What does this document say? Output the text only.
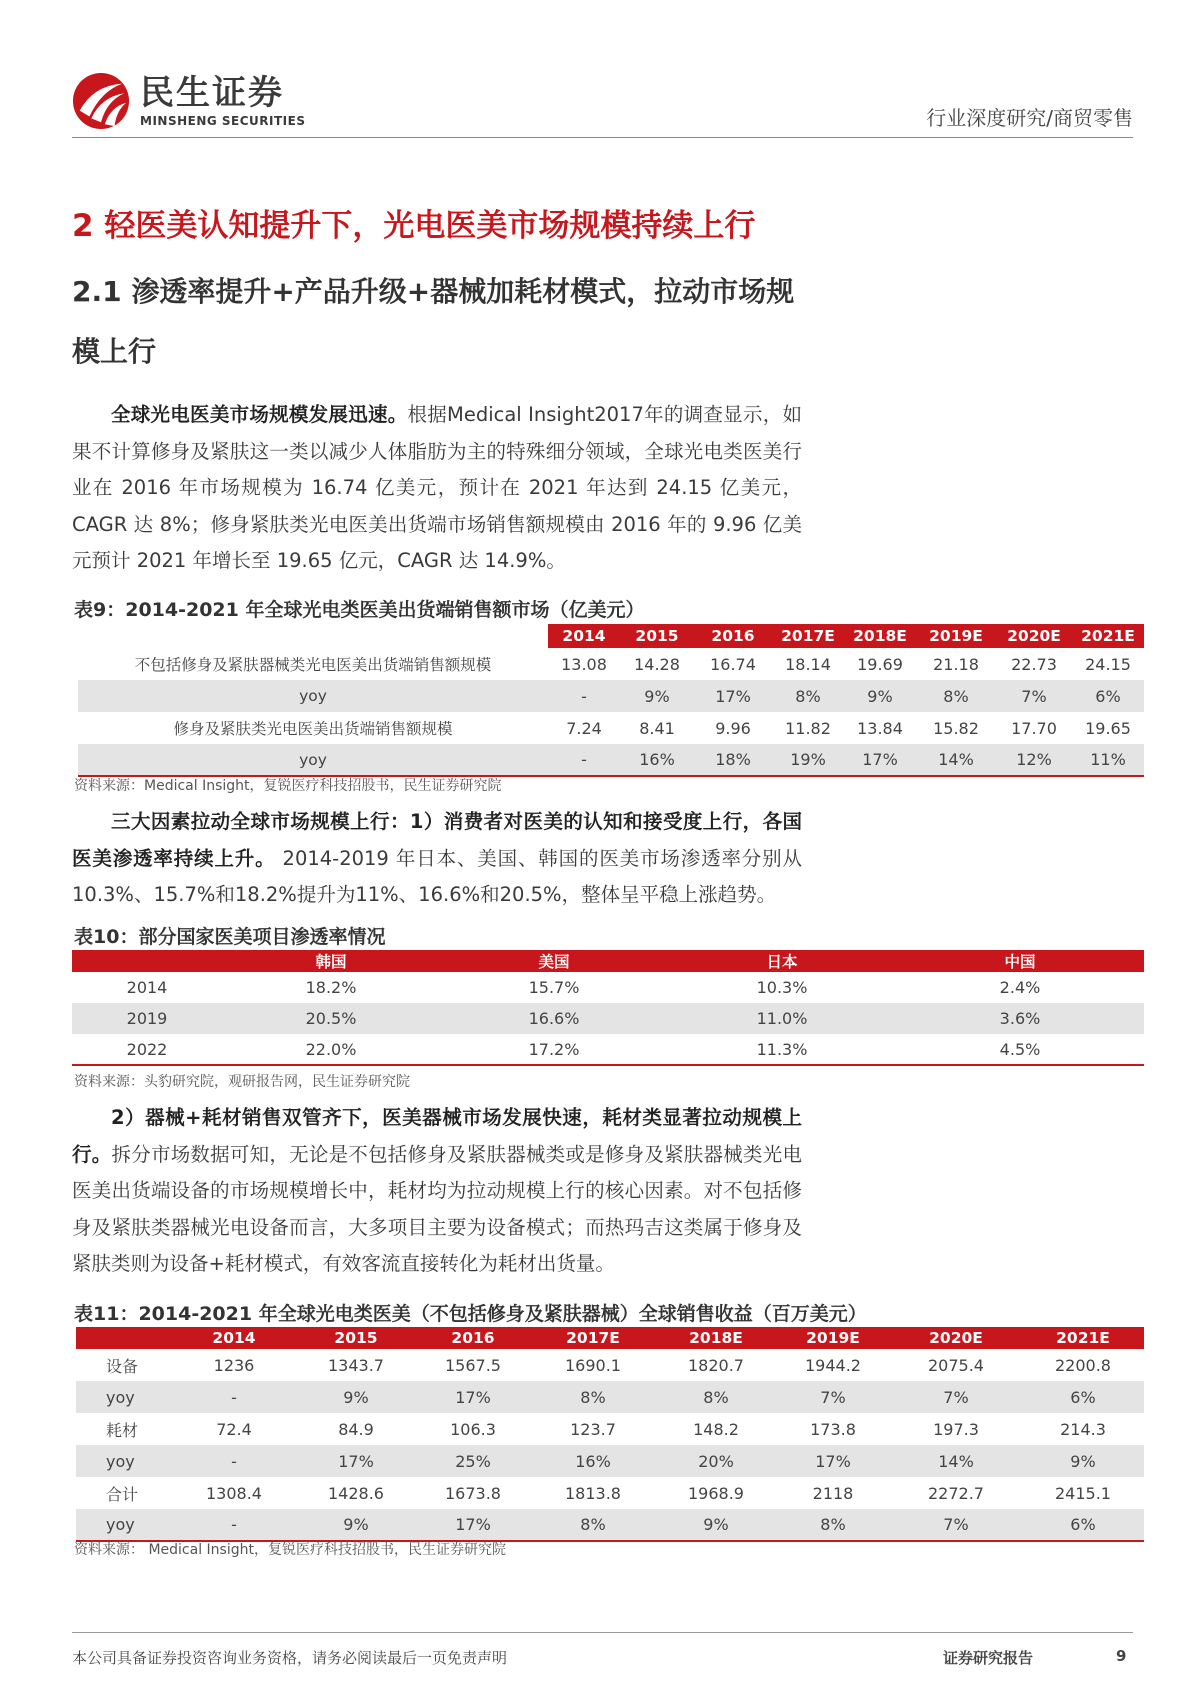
民生证券
MINSHENG SECURITIES	行业深度研究/商贸零售
2 轻医美认知提升下，光电医美市场规模持续上行
2.1 渗透率提升+产品升级+器械加耗材模式，拉动市场规模上行

全球光电医美市场规模发展迅速。根据Medical Insight2017年的调查显示，如果不计算修身及紧肤这一类以减少人体脂肪为主的特殊细分领域，全球光电类医美行业在 2016 年市场规模为 16.74 亿美元，预计在 2021 年达到 24.15 亿美元，CAGR 达 8%；修身紧肤类光电医美出货端市场销售额规模由 2016 年的 9.96 亿美元预计 2021 年增长至 19.65 亿元，CAGR 达 14.9%。

表9：2014-2021 年全球光电类医美出货端销售额市场（亿美元）
	2014	2015	2016	2017E	2018E	2019E	2020E	2021E
不包括修身及紧肤器械类光电医美出货端销售额规模	13.08	14.28	16.74	18.14	19.69	21.18	22.73	24.15
yoy	-	9%	17%	8%	9%	8%	7%	6%
修身及紧肤类光电医美出货端销售额规模	7.24	8.41	9.96	11.82	13.84	15.82	17.70	19.65
yoy	-	16%	18%	19%	17%	14%	12%	11%
资料来源：Medical Insight，复锐医疗科技招股书，民生证券研究院

三大因素拉动全球市场规模上行：1）消费者对医美的认知和接受度上行，各国医美渗透率持续上升。 2014-2019 年日本、美国、韩国的医美市场渗透率分别从10.3%、15.7%和18.2%提升为11%、16.6%和20.5%，整体呈平稳上涨趋势。

表10：部分国家医美项目渗透率情况
	韩国	美国	日本	中国
2014	18.2%	15.7%	10.3%	2.4%
2019	20.5%	16.6%	11.0%	3.6%
2022	22.0%	17.2%	11.3%	4.5%
资料来源：头豹研究院，观研报告网，民生证券研究院

2）器械+耗材销售双管齐下，医美器械市场发展快速，耗材类显著拉动规模上行。拆分市场数据可知，无论是不包括修身及紧肤器械类或是修身及紧肤器械类光电医美出货端设备的市场规模增长中，耗材均为拉动规模上行的核心因素。对不包括修身及紧肤类器械光电设备而言，大多项目主要为设备模式；而热玛吉这类属于修身及紧肤类则为设备+耗材模式，有效客流直接转化为耗材出货量。

表11：2014-2021 年全球光电类医美（不包括修身及紧肤器械）全球销售收益（百万美元）
	2014	2015	2016	2017E	2018E	2019E	2020E	2021E
设备	1236	1343.7	1567.5	1690.1	1820.7	1944.2	2075.4	2200.8
yoy	-	9%	17%	8%	8%	7%	7%	6%
耗材	72.4	84.9	106.3	123.7	148.2	173.8	197.3	214.3
yoy	-	17%	25%	16%	20%	17%	14%	9%
合计	1308.4	1428.6	1673.8	1813.8	1968.9	2118	2272.7	2415.1
yoy	-	9%	17%	8%	9%	8%	7%	6%
资料来源： Medical Insight，复锐医疗科技招股书，民生证券研究院
本公司具备证券投资咨询业务资格，请务必阅读最后一页免责声明	证券研究报告	9
